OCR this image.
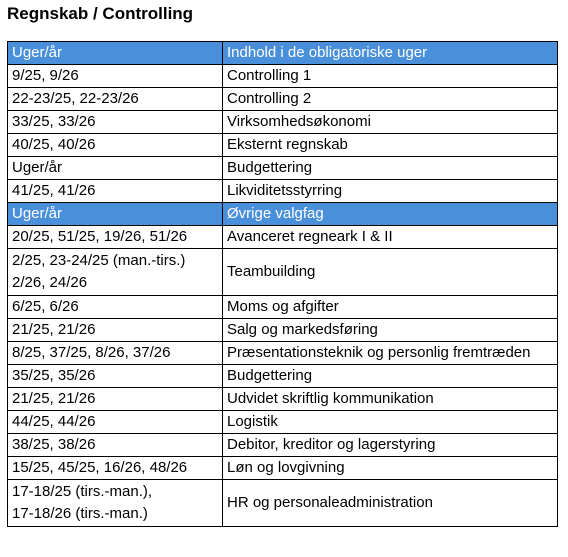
Regnskab / Controlling
Uger/år	Indhold i de obligatoriske uger
9/25, 9/26	Controlling 1
22-23/25, 22-23/26	Controlling 2
33/25, 33/26	Virksomhedsøkonomi
40/25, 40/26	Eksternt regnskab
Uger/år	Budgettering
41/25, 41/26	Likviditetsstyrring
Uger/år	Øvrige valgfag
20/25, 51/25, 19/26, 51/26	Avanceret regneark I & II

2/25, 23-24/25 (man.-tirs.)
2/26, 24/26	Teambuilding
6/25, 6/26	Moms og afgifter
21/25, 21/26	Salg og markedsføring
8/25, 37/25, 8/26, 37/26	Præsentationsteknik og personlig fremtræden
35/25, 35/26	Budgettering
21/25, 21/26	Udvidet skriftlig kommunikation
44/25, 44/26	Logistik
38/25, 38/26	Debitor, kreditor og lagerstyring
15/25, 45/25, 16/26, 48/26	Løn og lovgivning

17-18/25 (tirs.-man.),
17-18/26 (tirs.-man.)	HR og personaleadministration
